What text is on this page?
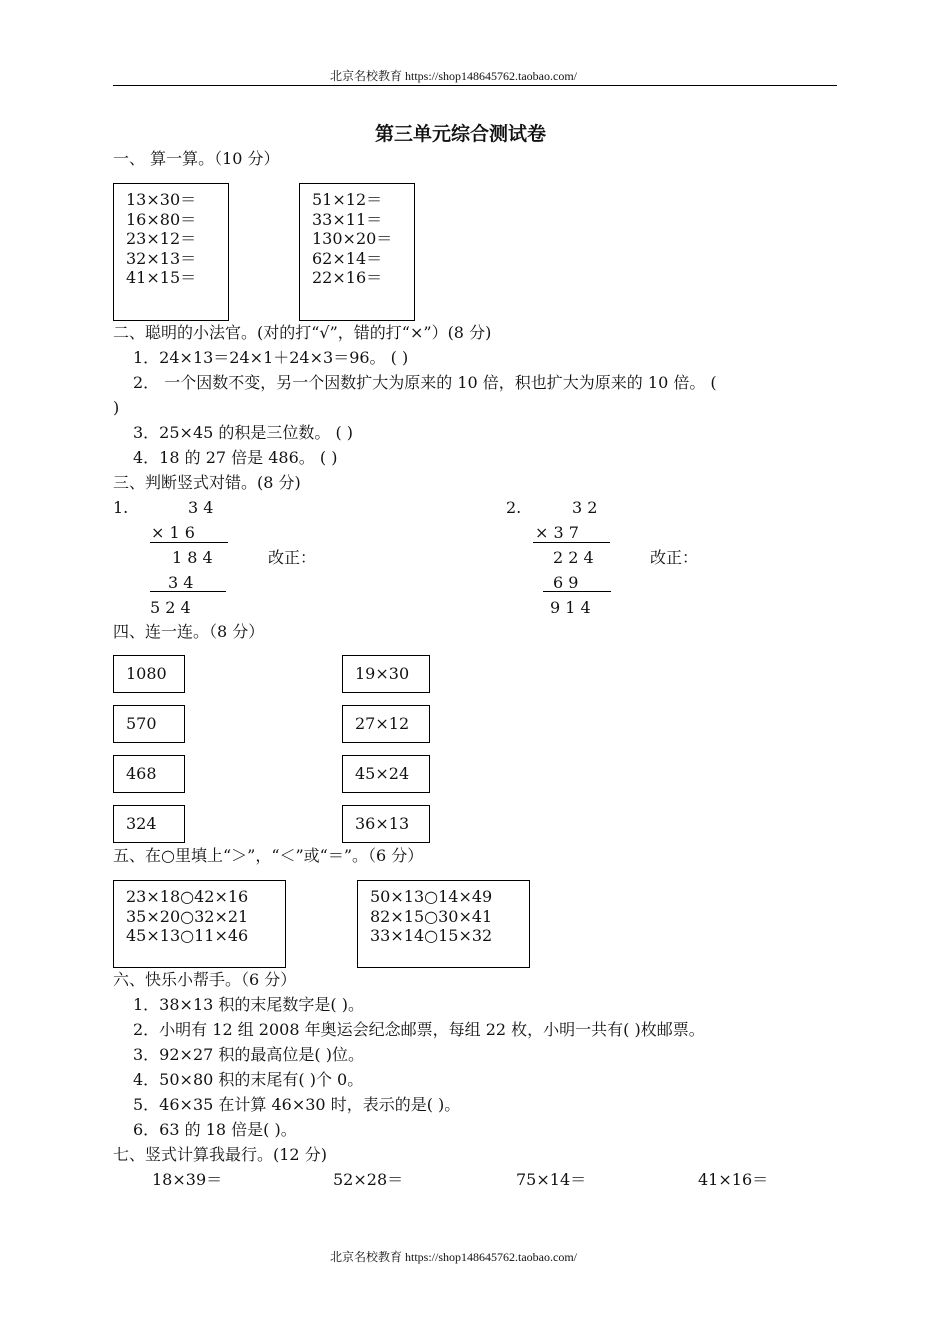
北京名校教育 https://shop148645762.taobao.com/
第三单元综合测试卷
一、 算一算。（10 分）
13×30＝
16×80＝
23×12＝
32×13＝
41×15＝
51×12＝
33×11＝
130×20＝
62×14＝
22×16＝
二、聪明的小法官。(对的打“√”，错的打“×”）(8 分)
1．24×13＝24×1＋24×3＝96。 ( )
2． 一个因数不变，另一个因数扩大为原来的 10 倍，积也扩大为原来的 10 倍。 (
)
3．25×45 的积是三位数。 ( )
4．18 的 27 倍是 486。 ( )
三、判断竖式对错。(8 分)
1.	3 4
× 1 6
1 8 4	改正：
3 4
5 2 4
2.	3 2
× 3 7
2 2 4	改正：
6 9
9 1 4
四、连一连。（8 分）
1080
570
468
324
19×30
27×12
45×24
36×13
五、在○里填上“＞”，“＜”或“＝”。（6 分）
23×18○42×16
35×20○32×21
45×13○11×46
50×13○14×49
82×15○30×41
33×14○15×32
六、快乐小帮手。（6 分）
1．38×13 积的末尾数字是( )。
2．小明有 12 组 2008 年奥运会纪念邮票，每组 22 枚，小明一共有( )枚邮票。
3．92×27 积的最高位是( )位。
4．50×80 积的末尾有( )个 0。
5．46×35 在计算 46×30 时，表示的是( )。
6．63 的 18 倍是( )。
七、竖式计算我最行。(12 分)
18×39＝	52×28＝	75×14＝	41×16＝
北京名校教育 https://shop148645762.taobao.com/
